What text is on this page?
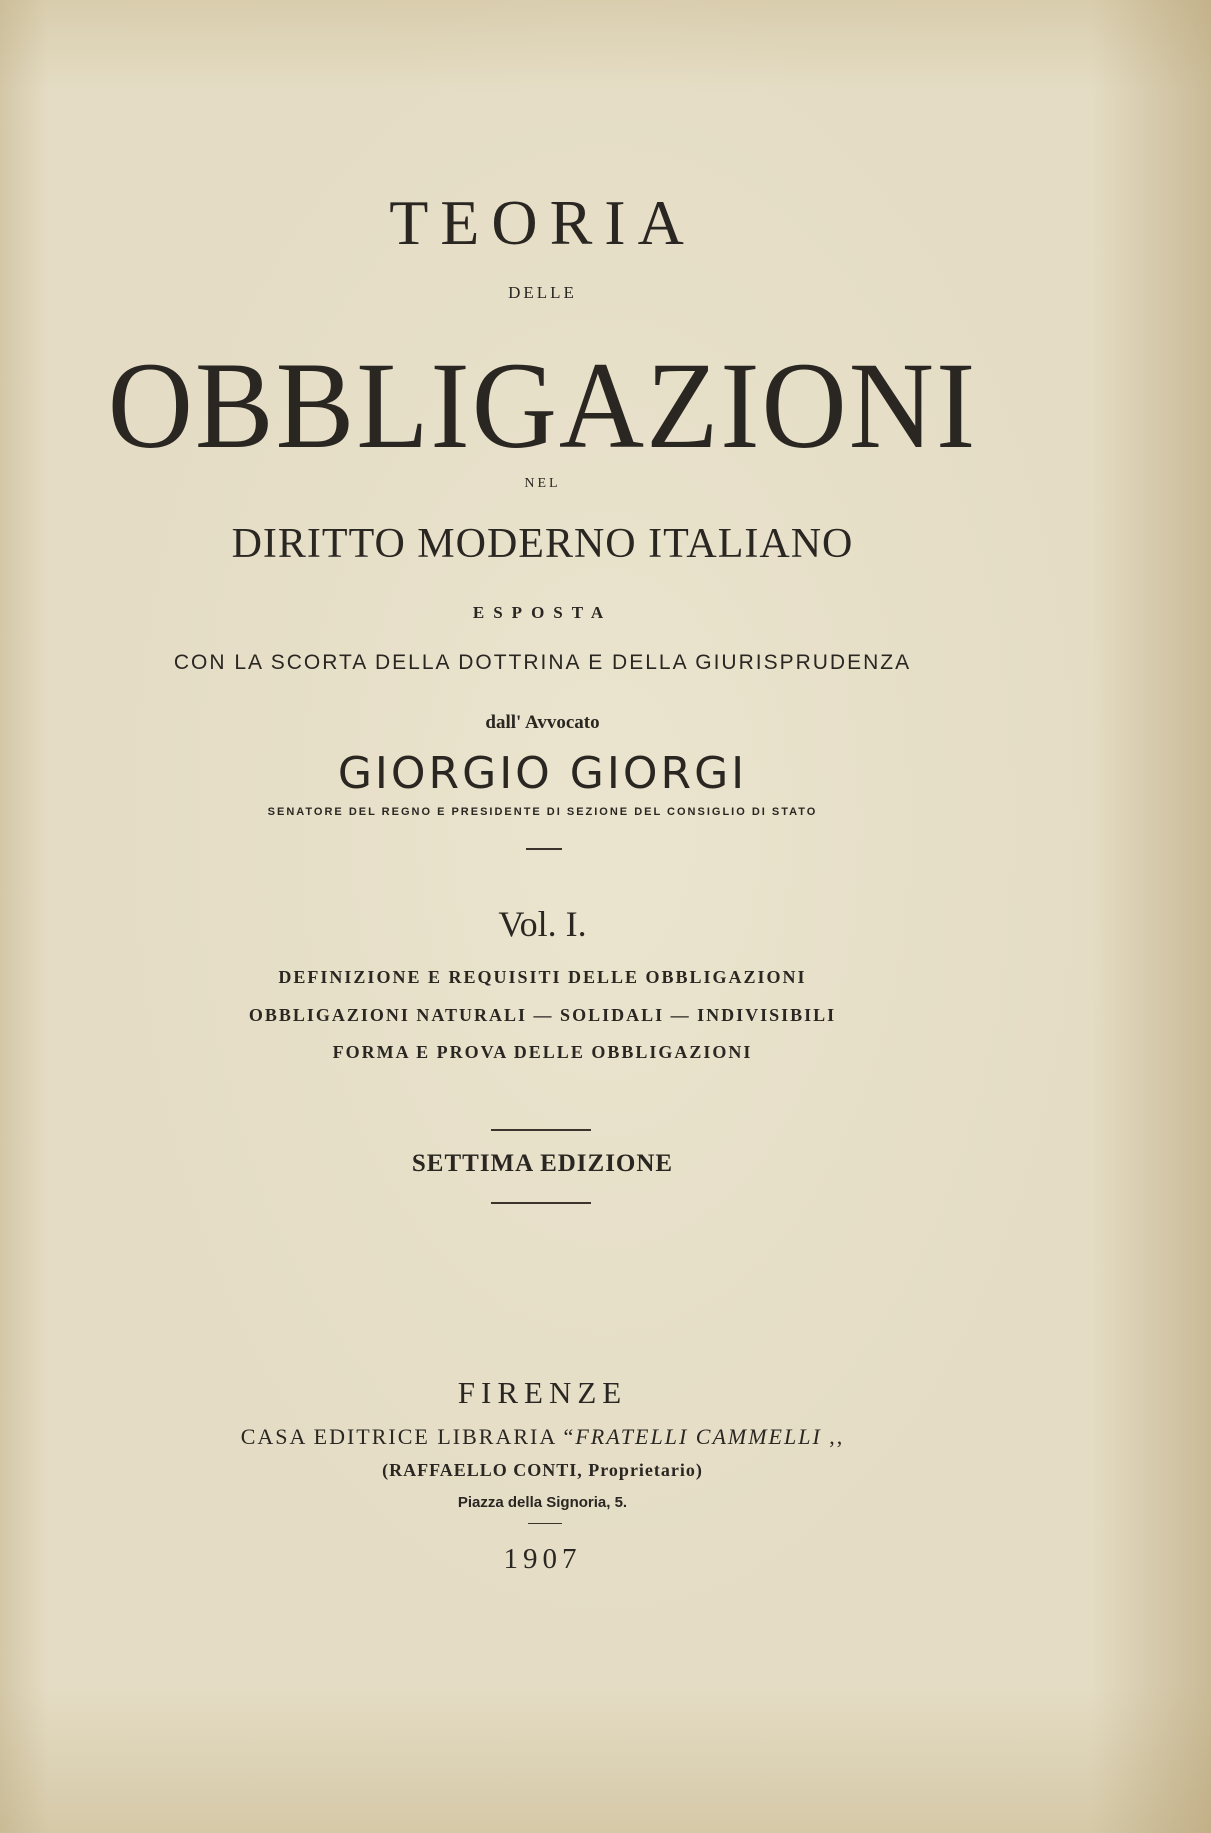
TEORIA
DELLE
OBBLIGAZIONI
NEL
DIRITTO MODERNO ITALIANO
ESPOSTA
CON LA SCORTA DELLA DOTTRINA E DELLA GIURISPRUDENZA
dall' Avvocato
GIORGIO GIORGI
SENATORE DEL REGNO E PRESIDENTE DI SEZIONE DEL CONSIGLIO DI STATO
Vol. I.
DEFINIZIONE E REQUISITI DELLE OBBLIGAZIONI
OBBLIGAZIONI NATURALI — SOLIDALI — INDIVISIBILI
FORMA E PROVA DELLE OBBLIGAZIONI
SETTIMA EDIZIONE
FIRENZE
CASA EDITRICE LIBRARIA “FRATELLI CAMMELLI ,,
(RAFFAELLO CONTI, Proprietario)
Piazza della Signoria, 5.
1907
